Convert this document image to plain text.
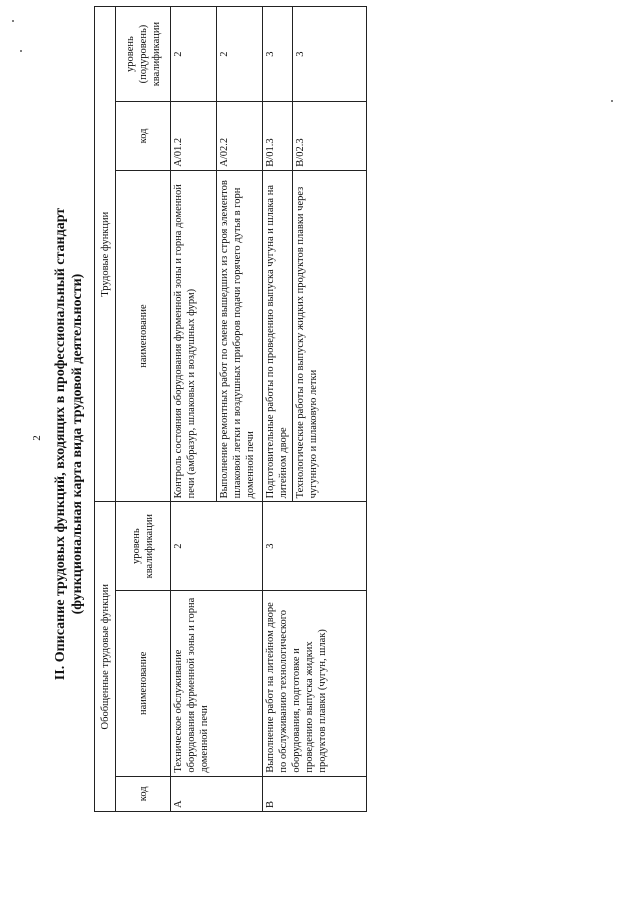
2 II. Описание трудовых функций, входящих в профессиональный стандарт (функциональная карта вида трудовой деятельности)
Обобщенные трудовые функции			Трудовые функции		
код	наименование	уровень квалификации	наименование	код	уровень (подуровень) квалификации
A	Техническое обслуживание оборудования фурменной зоны и горна доменной печи	2	Контроль состояния оборудования фурменной зоны и горна доменной печи (амбразур, шлаковых и воздушных фурм)	A/01.2	2
			Выполнение ремонтных работ по смене вышедших из строя элементов шлаковой летки и воздушных приборов подачи горячего дутья в горн доменной печи	A/02.2	2
B	Выполнение работ на литейном дворе по обслуживанию технологического оборудования, подготовке и проведению выпуска жидких продуктов плавки (чугун, шлак)	3	Подготовительные работы по проведению выпуска чугуна и шлака на литейном дворе	B/01.3	3
			Технологические работы по выпуску жидких продуктов плавки через чугунную и шлаковую летки	B/02.3	3
